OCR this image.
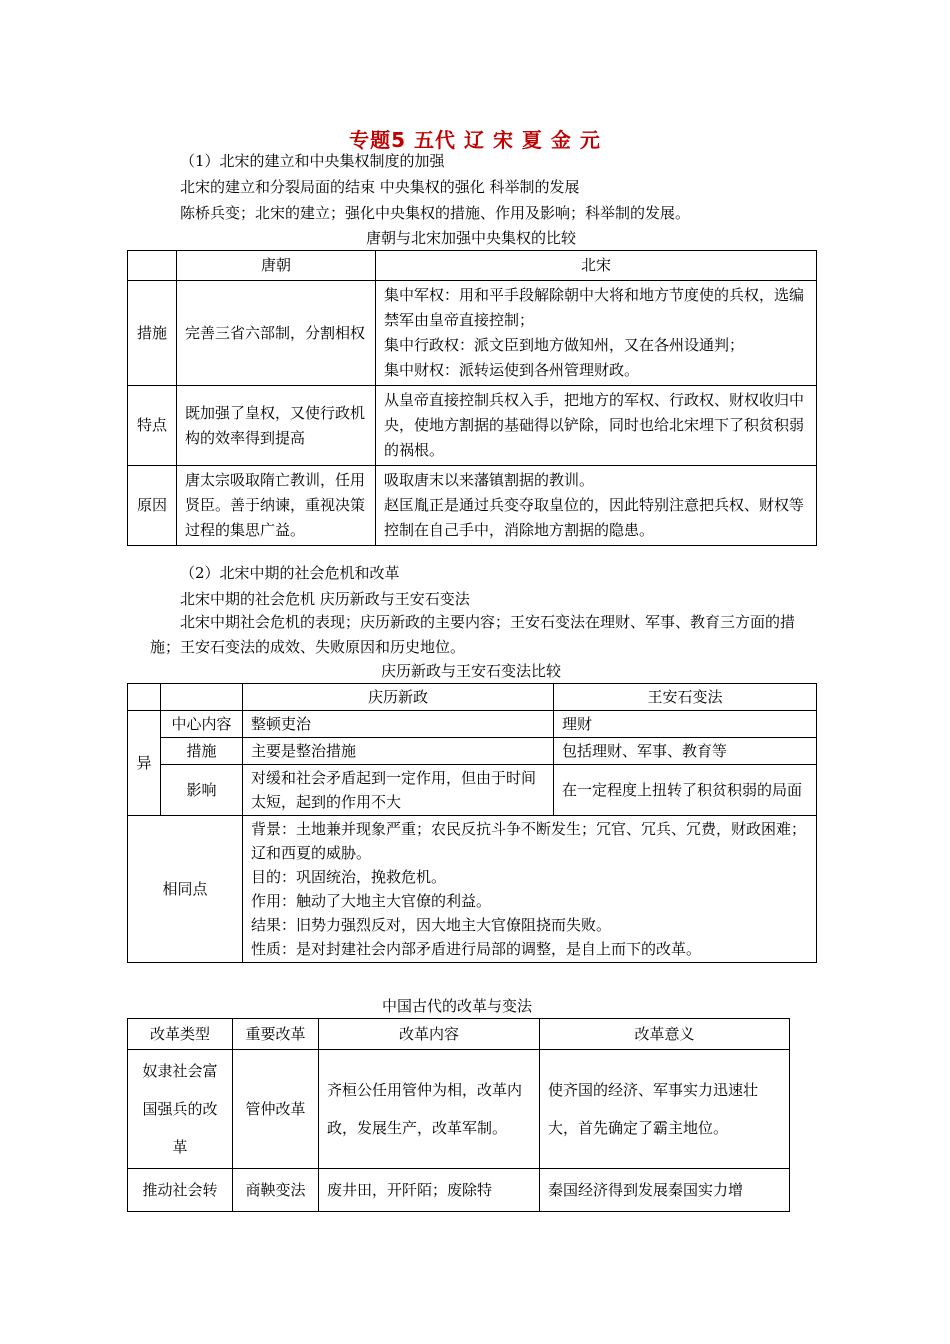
专题5 五代 辽 宋 夏 金 元
（1）北宋的建立和中央集权制度的加强
北宋的建立和分裂局面的结束 中央集权的强化 科举制的发展
陈桥兵变；北宋的建立；强化中央集权的措施、作用及影响；科举制的发展。
唐朝与北宋加强中央集权的比较
	唐朝	北宋
措施	完善三省六部制，分割相权	集中军权：用和平手段解除朝中大将和地方节度使的兵权，选编禁军由皇帝直接控制；
集中行政权：派文臣到地方做知州，又在各州设通判；
集中财权：派转运使到各州管理财政。

特点	既加强了皇权，又使行政机构的效率得到提高	从皇帝直接控制兵权入手，把地方的军权、行政权、财权收归中央，使地方割据的基础得以铲除，同时也给北宋埋下了积贫积弱的祸根。

原因	唐太宗吸取隋亡教训，任用贤臣。善于纳谏，重视决策过程的集思广益。	吸取唐末以来藩镇割据的教训。
赵匡胤正是通过兵变夺取皇位的，因此特别注意把兵权、财权等控制在自己手中，消除地方割据的隐患。
（2）北宋中期的社会危机和改革
北宋中期的社会危机 庆历新政与王安石变法
北宋中期社会危机的表现；庆历新政的主要内容；王安石变法在理财、军事、教育三方面的措施；王安石变法的成效、失败原因和历史地位。
庆历新政与王安石变法比较
		庆历新政	王安石变法
异	中心内容	整顿吏治	理财
	措施	主要是整治措施	包括理财、军事、教育等
	影响	对缓和社会矛盾起到一定作用，但由于时间太短，起到的作用不大	在一定程度上扭转了积贫积弱的局面
相同点		背景：土地兼并现象严重；农民反抗斗争不断发生；冗官、冗兵、冗费，财政困难；辽和西夏的威胁。
目的：巩固统治，挽救危机。
作用：触动了大地主大官僚的利益。
结果：旧势力强烈反对，因大地主大官僚阻挠而失败。
性质：是对封建社会内部矛盾进行局部的调整，是自上而下的改革。	
中国古代的改革与变法
改革类型	重要改革	改革内容	改革意义
奴隶社会富国强兵的改革	管仲改革	齐桓公任用管仲为相，改革内政，发展生产，改革军制。	使齐国的经济、军事实力迅速壮大，首先确定了霸主地位。
推动社会转	商鞅变法	废井田，开阡陌；废除特	秦国经济得到发展秦国实力增
